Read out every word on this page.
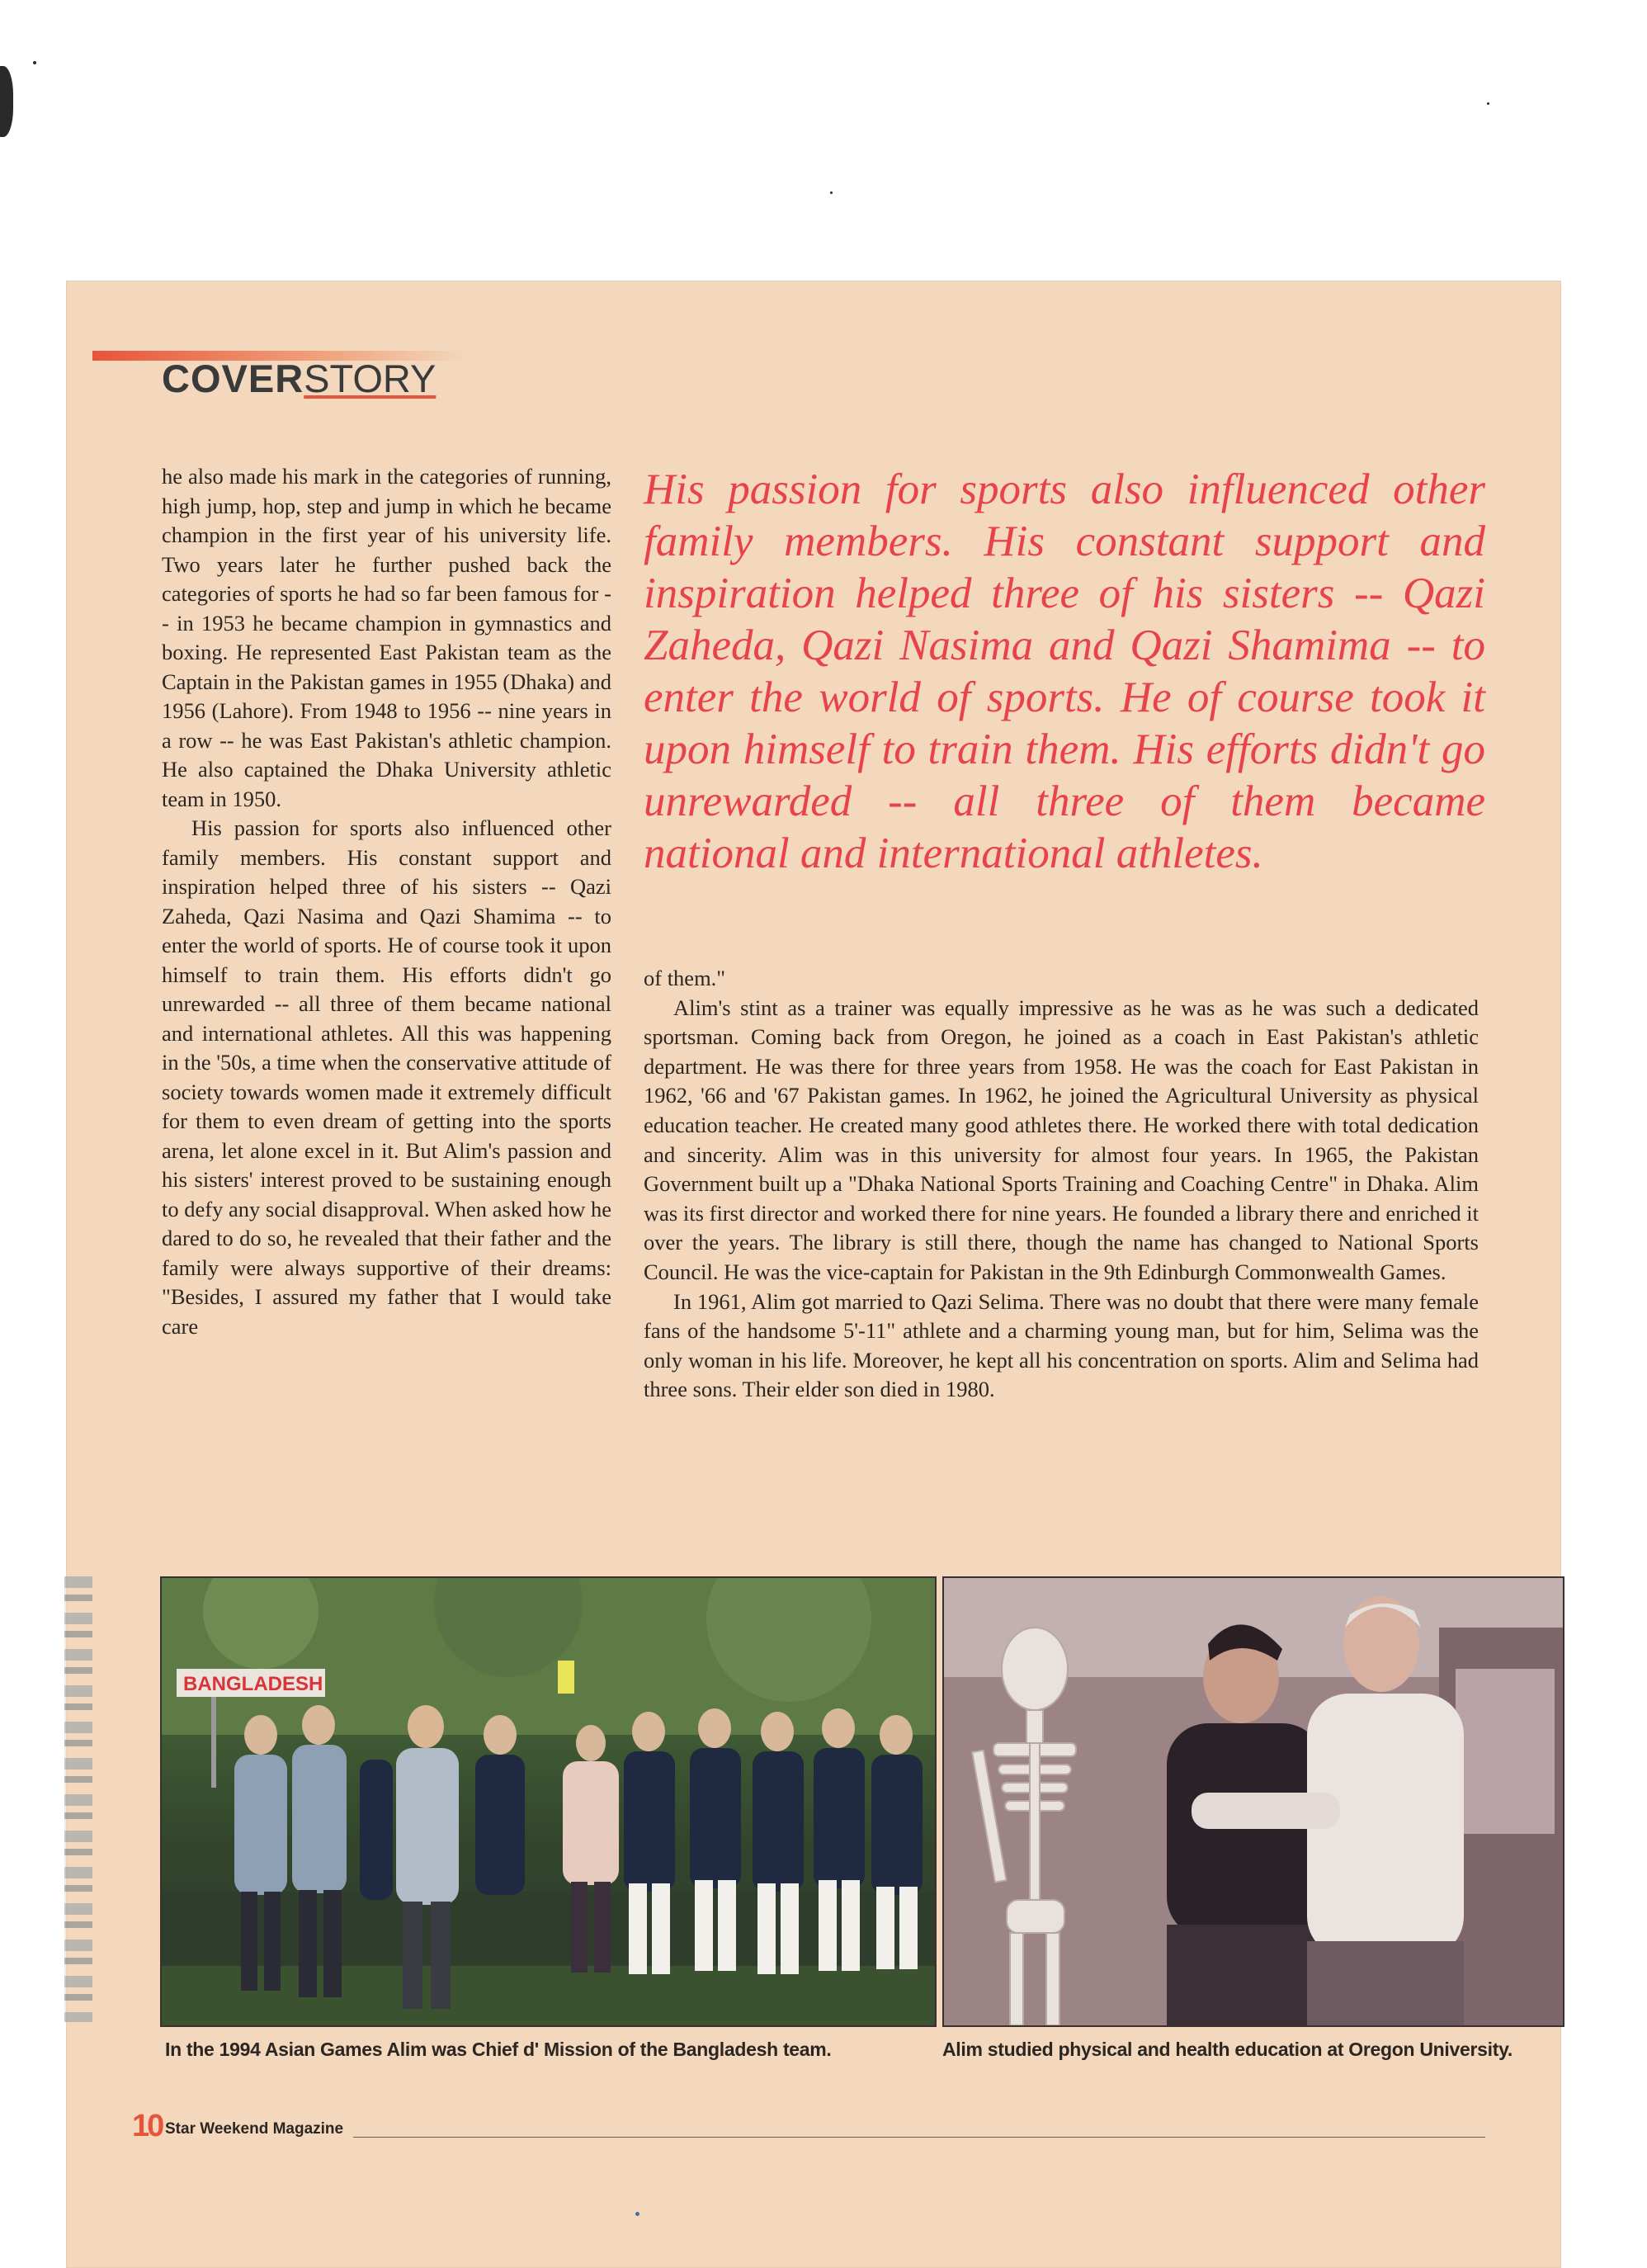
COVERSTORY

he also made his mark in the categories of running, high jump, hop, step and jump in which he became champion in the first year of his university life. Two years later he further pushed back the categories of sports he had so far been famous for -- in 1953 he became champion in gymnastics and boxing. He represented East Pakistan team as the Captain in the Pakistan games in 1955 (Dhaka) and 1956 (Lahore). From 1948 to 1956 -- nine years in a row -- he was East Pakistan's athletic champion. He also captained the Dhaka University athletic team in 1950.

His passion for sports also influenced other family members. His constant support and inspiration helped three of his sisters -- Qazi Zaheda, Qazi Nasima and Qazi Shamima -- to enter the world of sports. He of course took it upon himself to train them. His efforts didn't go unrewarded -- all three of them became national and international athletes. All this was happening in the '50s, a time when the conservative attitude of society towards women made it extremely difficult for them to even dream of getting into the sports arena, let alone excel in it. But Alim's passion and his sisters' interest proved to be sustaining enough to defy any social disapproval. When asked how he dared to do so, he revealed that their father and the family were always supportive of their dreams: "Besides, I assured my father that I would take care

His passion for sports also influenced other family members. His constant support and inspiration helped three of his sisters -- Qazi Zaheda, Qazi Nasima and Qazi Shamima -- to enter the world of sports. He of course took it upon himself to train them. His efforts didn't go unrewarded -- all three of them became national and international athletes.

of them."

Alim's stint as a trainer was equally impressive as he was as he was such a dedicated sportsman. Coming back from Oregon, he joined as a coach in East Pakistan's athletic department. He was there for three years from 1958. He was the coach for East Pakistan in 1962, '66 and '67 Pakistan games. In 1962, he joined the Agricultural University as physical education teacher. He created many good athletes there. He worked there with total dedication and sincerity. Alim was in this university for almost four years. In 1965, the Pakistan Government built up a "Dhaka National Sports Training and Coaching Centre" in Dhaka. Alim was its first director and worked there for nine years. He founded a library there and enriched it over the years. The library is still there, though the name has changed to National Sports Council. He was the vice-captain for Pakistan in the 9th Edinburgh Commonwealth Games.

In 1961, Alim got married to Qazi Selima. There was no doubt that there were many female fans of the handsome 5'-11" athlete and a charming young man, but for him, Selima was the only woman in his life. Moreover, he kept all his concentration on sports. Alim and Selima had three sons. Their elder son died in 1980.

BANGLADESH
In the 1994 Asian Games Alim was Chief d' Mission of the Bangladesh team.	Alim studied physical and health education at Oregon University.
10 Star Weekend Magazine
